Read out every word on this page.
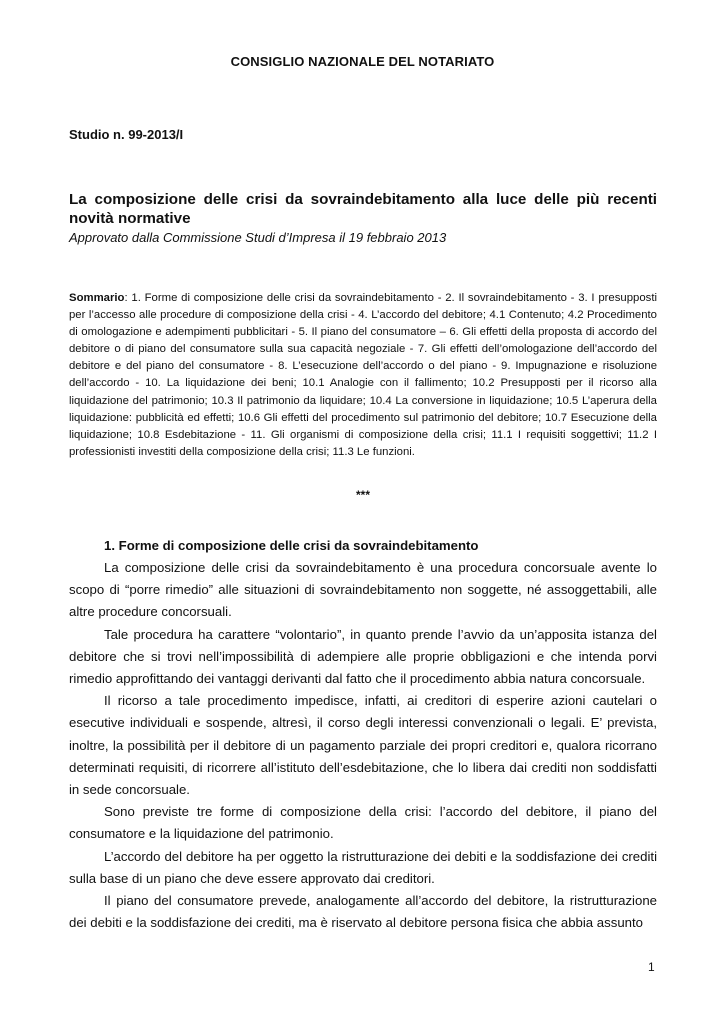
CONSIGLIO NAZIONALE DEL NOTARIATO
Studio n. 99-2013/I
La composizione delle crisi da sovraindebitamento alla luce delle più recenti novità normative
Approvato dalla Commissione Studi d’Impresa il 19 febbraio 2013
Sommario: 1. Forme di composizione delle crisi da sovraindebitamento - 2. Il sovraindebitamento - 3. I presupposti per l’accesso alle procedure di composizione della crisi - 4. L’accordo del debitore; 4.1 Contenuto; 4.2 Procedimento di omologazione e adempimenti pubblicitari - 5. Il piano del consumatore – 6. Gli effetti della proposta di accordo del debitore o di piano del consumatore sulla sua capacità negoziale - 7. Gli effetti dell’omologazione dell’accordo del debitore e del piano del consumatore - 8. L’esecuzione dell’accordo o del piano - 9. Impugnazione e risoluzione dell’accordo - 10. La liquidazione dei beni; 10.1 Analogie con il fallimento; 10.2 Presupposti per il ricorso alla liquidazione del patrimonio; 10.3 Il patrimonio da liquidare; 10.4 La conversione in liquidazione; 10.5 L’aperura della liquidazione: pubblicità ed effetti; 10.6 Gli effetti del procedimento sul patrimonio del debitore; 10.7 Esecuzione della liquidazione; 10.8 Esdebitazione - 11. Gli organismi di composizione della crisi; 11.1 I requisiti soggettivi; 11.2 I professionisti investiti della composizione della crisi; 11.3 Le funzioni.
***
1. Forme di composizione delle crisi da sovraindebitamento

La composizione delle crisi da sovraindebitamento è una procedura concorsuale avente lo scopo di “porre rimedio” alle situazioni di sovraindebitamento non soggette, né assoggettabili, alle altre procedure concorsuali.

Tale procedura ha carattere “volontario”, in quanto prende l’avvio da un’apposita istanza del debitore che si trovi nell’impossibilità di adempiere alle proprie obbligazioni e che intenda porvi rimedio approfittando dei vantaggi derivanti dal fatto che il procedimento abbia natura concorsuale.

Il ricorso a tale procedimento impedisce, infatti, ai creditori di esperire azioni cautelari o esecutive individuali e sospende, altresì, il corso degli interessi convenzionali o legali. E’ prevista, inoltre, la possibilità per il debitore di un pagamento parziale dei propri creditori e, qualora ricorrano determinati requisiti, di ricorrere all’istituto dell’esdebitazione, che lo libera dai crediti non soddisfatti in sede concorsuale.

Sono previste tre forme di composizione della crisi: l’accordo del debitore, il piano del consumatore e la liquidazione del patrimonio.

L’accordo del debitore ha per oggetto la ristrutturazione dei debiti e la soddisfazione dei crediti sulla base di un piano che deve essere approvato dai creditori.

Il piano del consumatore prevede, analogamente all’accordo del debitore, la ristrutturazione dei debiti e la soddisfazione dei crediti, ma è riservato al debitore persona fisica che abbia assunto

1
